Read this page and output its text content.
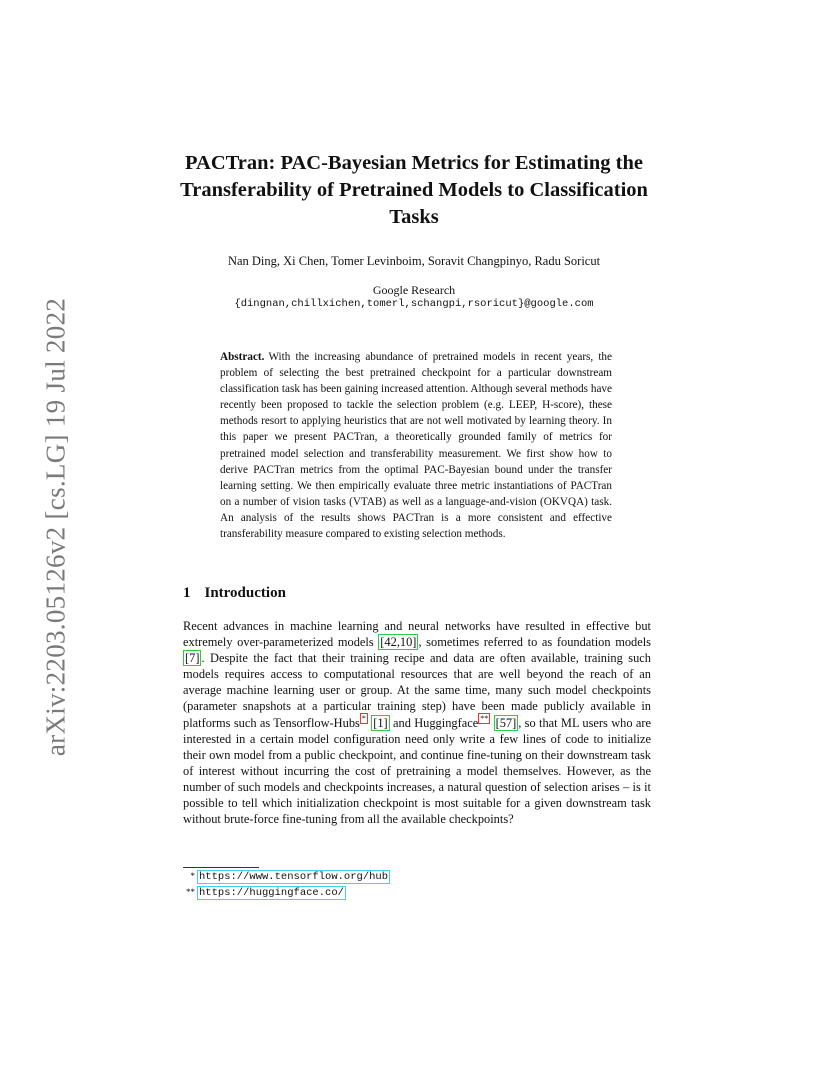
arXiv:2203.05126v2 [cs.LG] 19 Jul 2022
PACTran: PAC-Bayesian Metrics for Estimating the Transferability of Pretrained Models to Classification Tasks
Nan Ding, Xi Chen, Tomer Levinboim, Soravit Changpinyo, Radu Soricut
Google Research
{dingnan,chillxichen,tomerl,schangpi,rsoricut}@google.com

Abstract. With the increasing abundance of pretrained models in recent years, the problem of selecting the best pretrained checkpoint for a particular downstream classification task has been gaining increased attention. Although several methods have recently been proposed to tackle the selection problem (e.g. LEEP, H-score), these methods resort to applying heuristics that are not well motivated by learning theory. In this paper we present PACTran, a theoretically grounded family of metrics for pretrained model selection and transferability measurement. We first show how to derive PACTran metrics from the optimal PAC-Bayesian bound under the transfer learning setting. We then empirically evaluate three metric instantiations of PACTran on a number of vision tasks (VTAB) as well as a language-and-vision (OKVQA) task. An analysis of the results shows PACTran is a more consistent and effective transferability measure compared to existing selection methods.

1 Introduction

Recent advances in machine learning and neural networks have resulted in effective but extremely over-parameterized models [42,10] , sometimes referred to as foundation models [7] . Despite the fact that their training recipe and data are often available, training such models requires access to computational resources that are well beyond the reach of an average machine learning user or group. At the same time, many such model checkpoints (parameter snapshots at a particular training step) have been made publicly available in platforms such as Tensorflow-Hubs * [1] and Huggingface ** [57] , so that ML users who are interested in a certain model configuration need only write a few lines of code to initialize their own model from a public checkpoint, and continue fine-tuning on their downstream task of interest without incurring the cost of pretraining a model themselves. However, as the number of such models and checkpoints increases, a natural question of selection arises – is it possible to tell which initialization checkpoint is most suitable for a given downstream task without brute-force fine-tuning from all the available checkpoints?

* https://www.tensorflow.org/hub
** https://huggingface.co/
